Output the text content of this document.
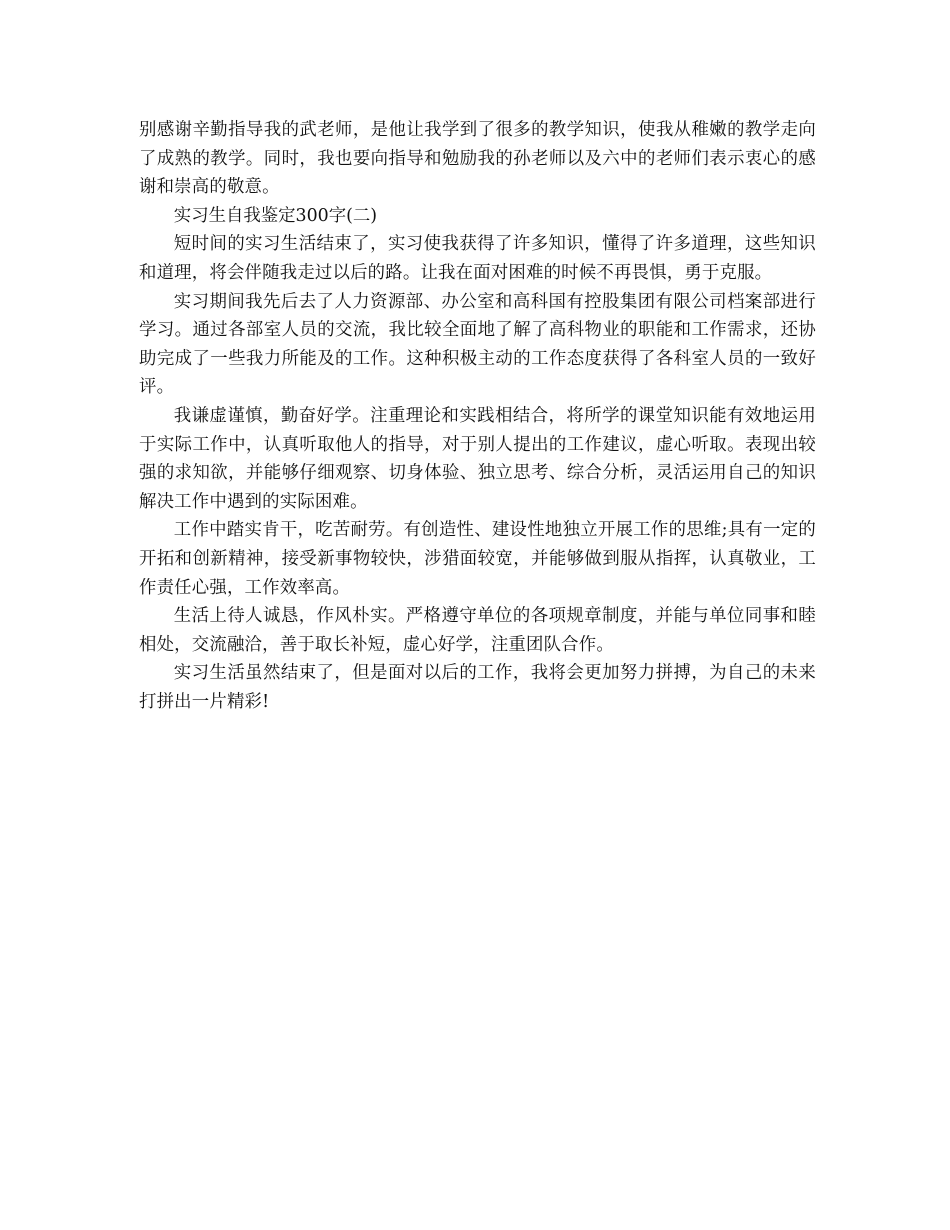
别感谢辛勤指导我的武老师，是他让我学到了很多的教学知识，使我从稚嫩的教学走向了成熟的教学。同时，我也要向指导和勉励我的孙老师以及六中的老师们表示衷心的感谢和崇高的敬意。

实习生自我鉴定300字(二)

短时间的实习生活结束了，实习使我获得了许多知识，懂得了许多道理，这些知识和道理，将会伴随我走过以后的路。让我在面对困难的时候不再畏惧，勇于克服。

实习期间我先后去了人力资源部、办公室和高科国有控股集团有限公司档案部进行学习。通过各部室人员的交流，我比较全面地了解了高科物业的职能和工作需求，还协助完成了一些我力所能及的工作。这种积极主动的工作态度获得了各科室人员的一致好评。

我谦虚谨慎，勤奋好学。注重理论和实践相结合，将所学的课堂知识能有效地运用于实际工作中，认真听取他人的指导，对于别人提出的工作建议，虚心听取。表现出较强的求知欲，并能够仔细观察、切身体验、独立思考、综合分析，灵活运用自己的知识解决工作中遇到的实际困难。

工作中踏实肯干，吃苦耐劳。有创造性、建设性地独立开展工作的思维;具有一定的开拓和创新精神，接受新事物较快，涉猎面较宽，并能够做到服从指挥，认真敬业，工作责任心强，工作效率高。

生活上待人诚恳，作风朴实。严格遵守单位的各项规章制度，并能与单位同事和睦相处，交流融洽，善于取长补短，虚心好学，注重团队合作。

实习生活虽然结束了，但是面对以后的工作，我将会更加努力拼搏，为自己的未来打拼出一片精彩!
